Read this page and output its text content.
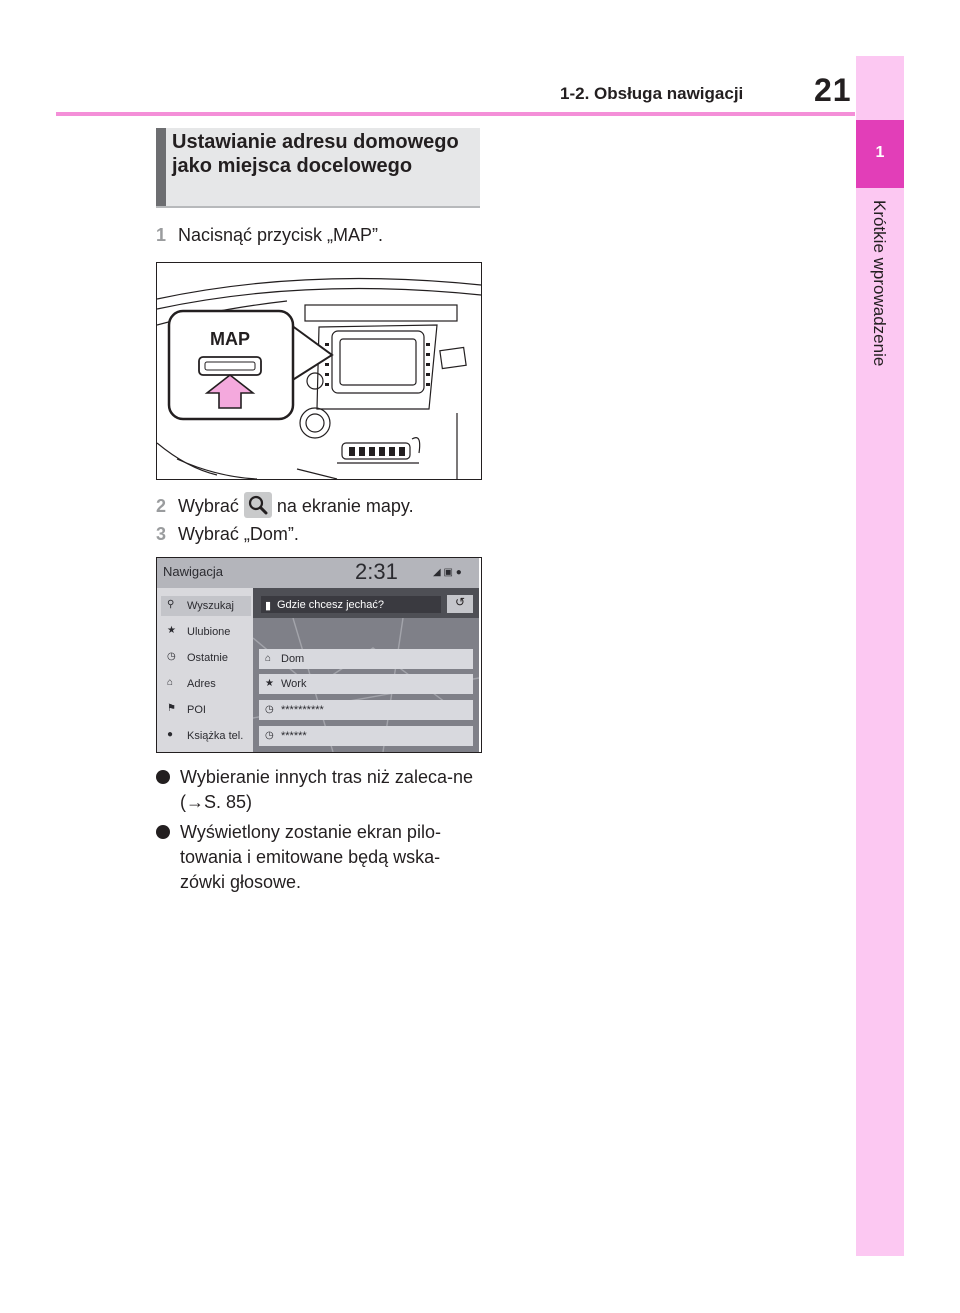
1-2. Obsługa nawigacji 21
1
Krótkie wprowadzenie
Ustawianie adresu domowego jako miejsca docelowego
1 Nacisnąć przycisk „MAP”.
MAP
2 Wybrać na ekranie mapy.
3 Wybrać „Dom”.
Nawigacja	2:31	◢ ▣ ●
⚲ Wyszukaj
★ Ulubione
◷ Ostatnie
⌂ Adres
⚑ POI
● Książka tel.
▮ Gdzie chcesz jechać?	↺
⌂ Dom
★ Work
◷ **********
◷ ******
Wybieranie innych tras niż zaleca-ne (→S. 85)
Wyświetlony zostanie ekran pilo-towania i emitowane będą wska-zówki głosowe.
